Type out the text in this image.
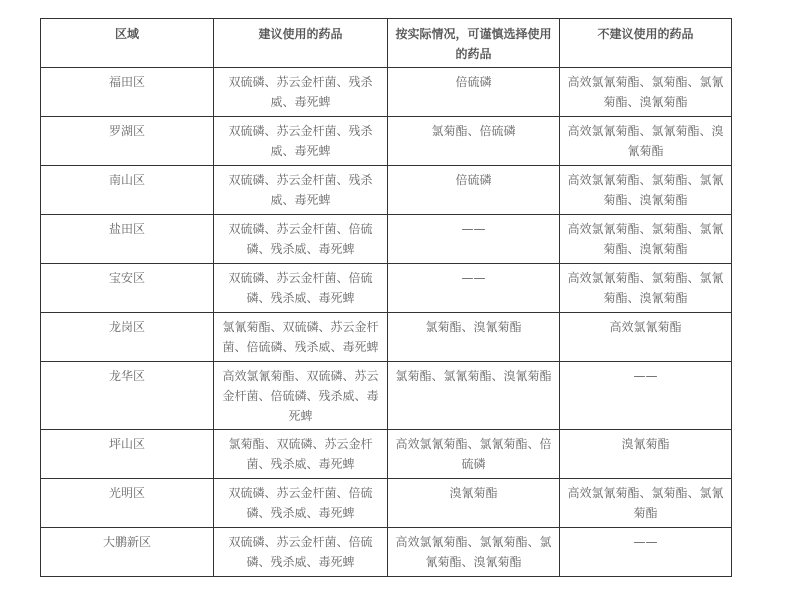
区域	建议使用的药品	按实际情况，可谨慎选择使用的药品	不建议使用的药品
福田区	双硫磷、苏云金杆菌、残杀威、毒死蜱	倍硫磷	高效氯氰菊酯、氯菊酯、氯氰菊酯、溴氰菊酯
罗湖区	双硫磷、苏云金杆菌、残杀威、毒死蜱	氯菊酯、倍硫磷	高效氯氰菊酯、氯氰菊酯、溴氰菊酯
南山区	双硫磷、苏云金杆菌、残杀威、毒死蜱	倍硫磷	高效氯氰菊酯、氯菊酯、氯氰菊酯、溴氰菊酯
盐田区	双硫磷、苏云金杆菌、倍硫磷、残杀威、毒死蜱	——	高效氯氰菊酯、氯菊酯、氯氰菊酯、溴氰菊酯
宝安区	双硫磷、苏云金杆菌、倍硫磷、残杀威、毒死蜱	——	高效氯氰菊酯、氯菊酯、氯氰菊酯、溴氰菊酯
龙岗区	氯氰菊酯、双硫磷、苏云金杆菌、倍硫磷、残杀威、毒死蜱	氯菊酯、溴氰菊酯	高效氯氰菊酯
龙华区	高效氯氰菊酯、双硫磷、苏云金杆菌、倍硫磷、残杀威、毒死蜱	氯菊酯、氯氰菊酯、溴氰菊酯	——
坪山区	氯菊酯、双硫磷、苏云金杆菌、残杀威、毒死蜱	高效氯氰菊酯、氯氰菊酯、倍硫磷	溴氰菊酯
光明区	双硫磷、苏云金杆菌、倍硫磷、残杀威、毒死蜱	溴氰菊酯	高效氯氰菊酯、氯菊酯、氯氰菊酯
大鹏新区	双硫磷、苏云金杆菌、倍硫磷、残杀威、毒死蜱	高效氯氰菊酯、氯氰菊酯、氯氰菊酯、溴氰菊酯	——
